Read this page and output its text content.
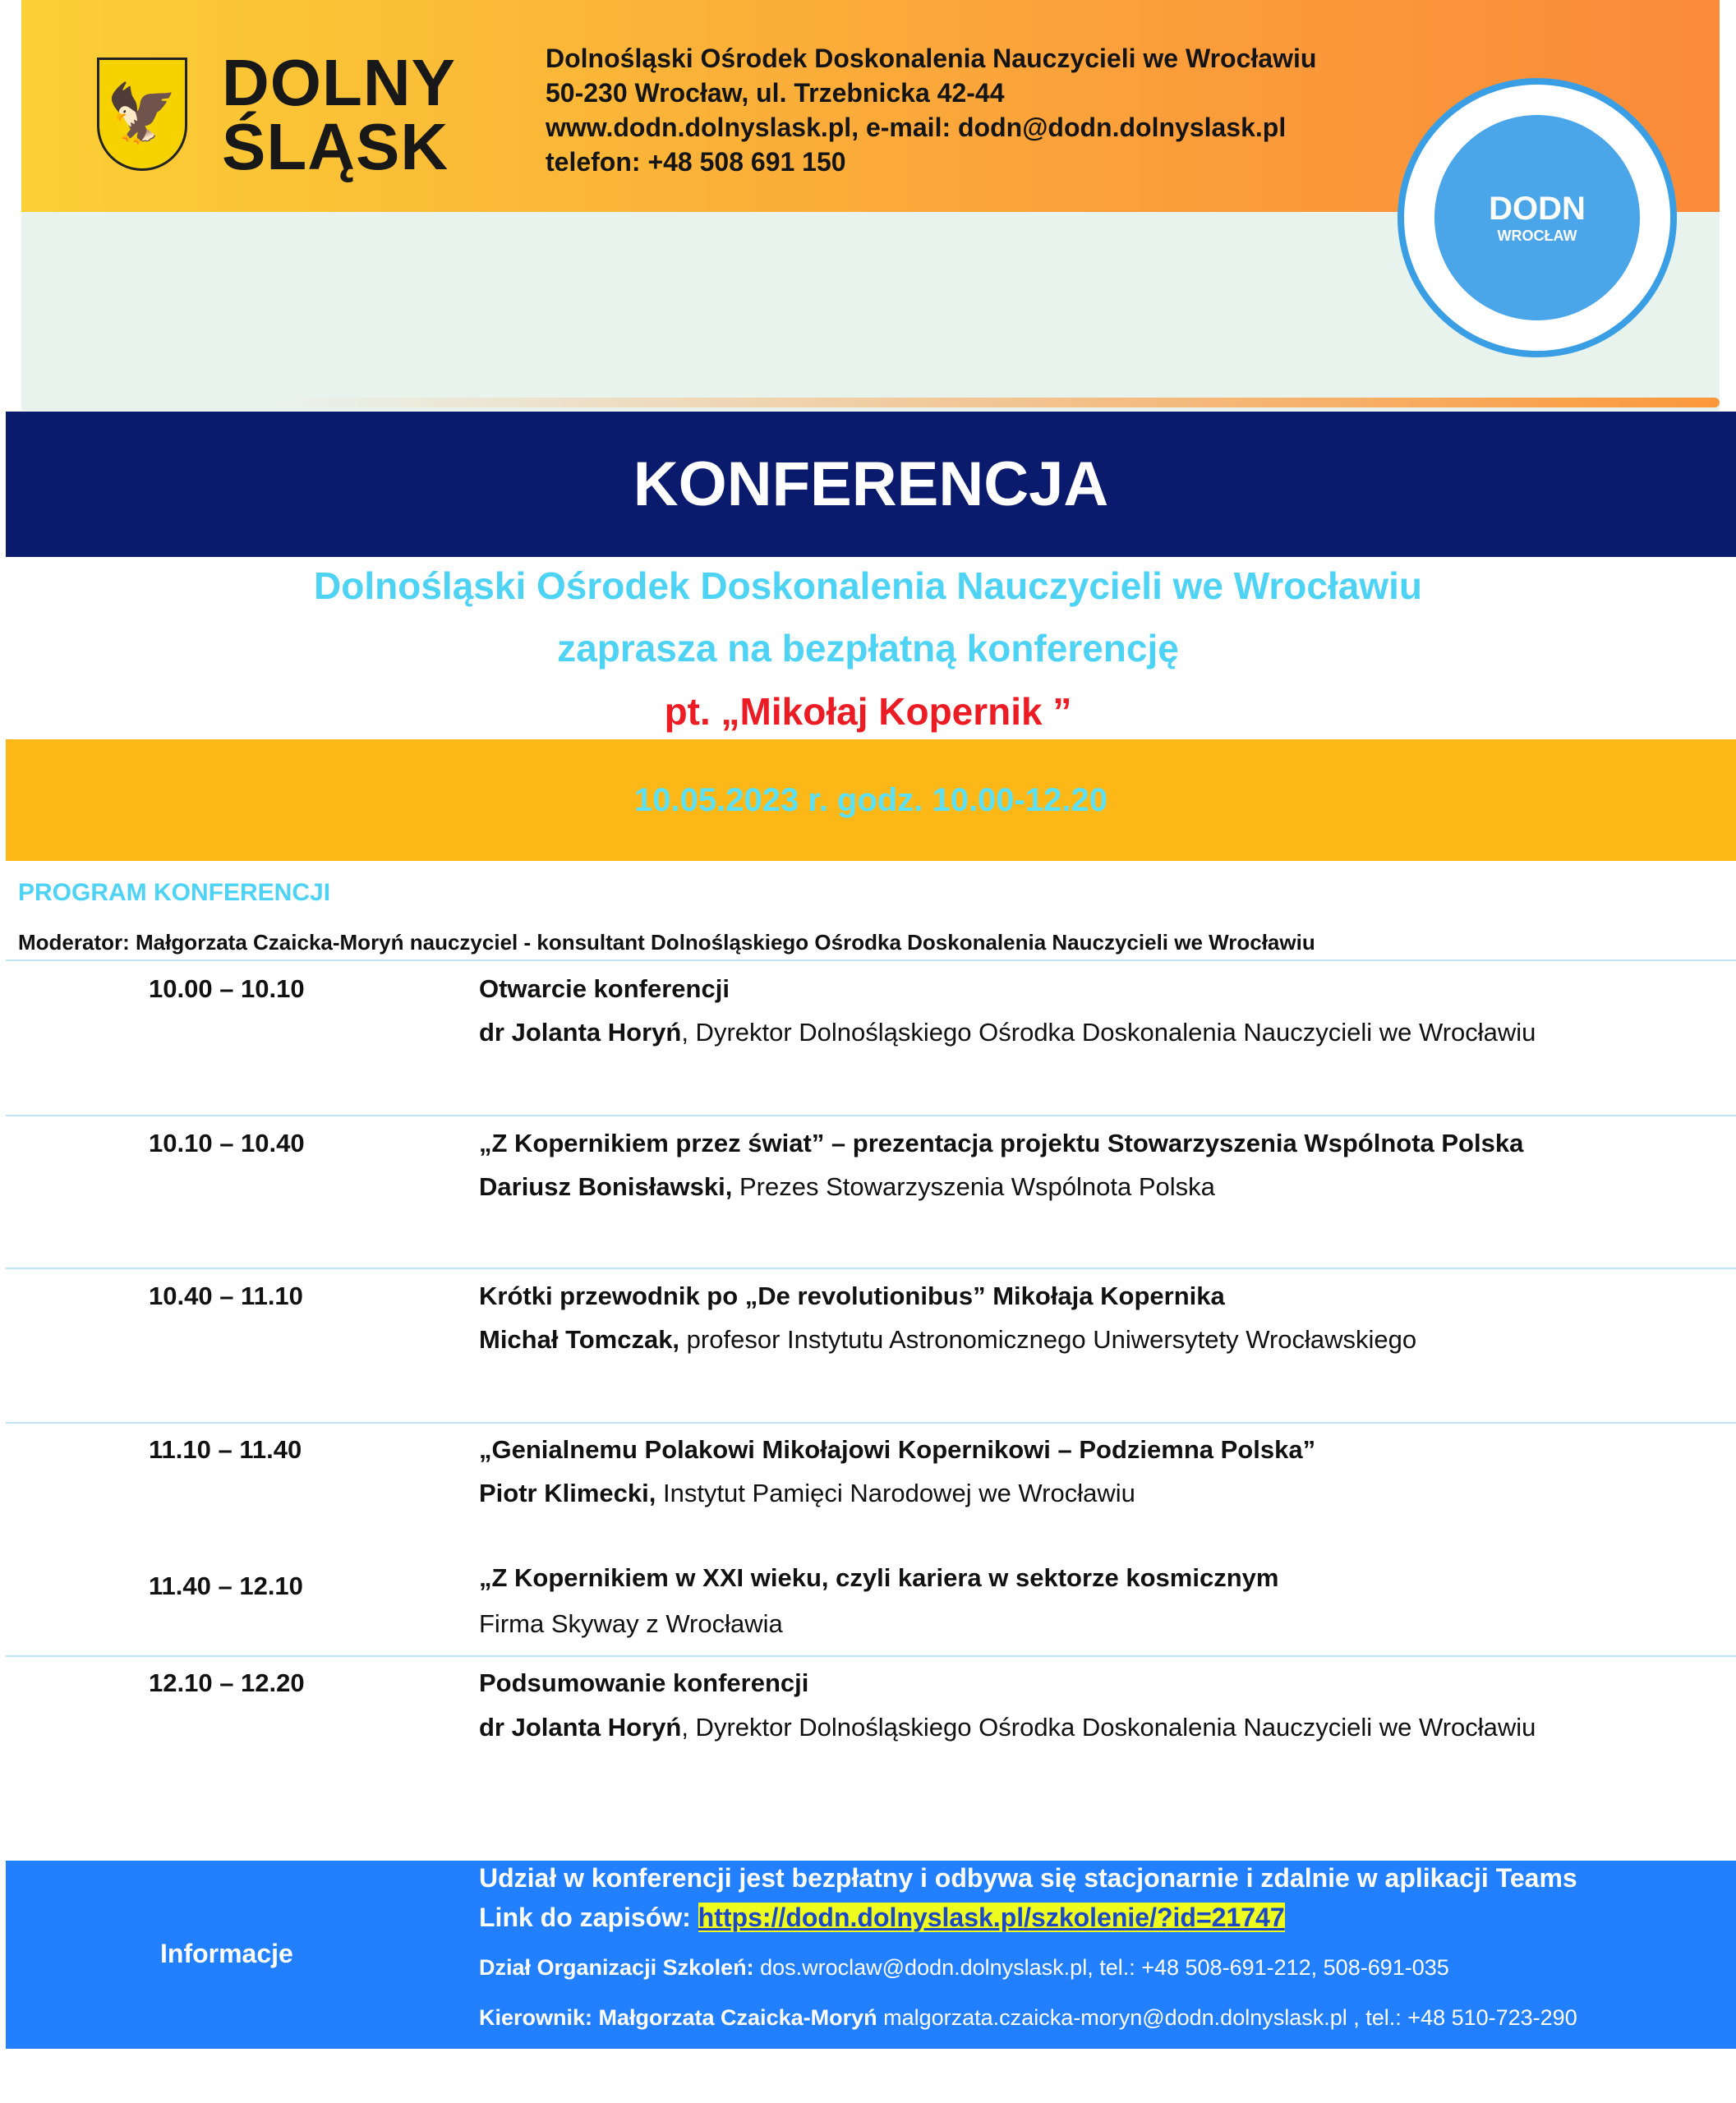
🦅 DOLNY
ŚLĄSK
Dolnośląski Ośrodek Doskonalenia Nauczycieli we Wrocławiu
50-230 Wrocław, ul. Trzebnicka 42-44
www.dodn.dolnyslask.pl, e-mail: dodn@dodn.dolnyslask.pl
telefon: +48 508 691 150
DODN
WROCŁAW
KONFERENCJA
Dolnośląski Ośrodek Doskonalenia Nauczycieli we Wrocławiu
zaprasza na bezpłatną konferencję
pt. „Mikołaj Kopernik ”
10.05.2023 r. godz. 10.00-12.20
PROGRAM KONFERENCJI
Moderator: Małgorzata Czaicka-Moryń nauczyciel - konsultant Dolnośląskiego Ośrodka Doskonalenia Nauczycieli we Wrocławiu
10.00 – 10.10	Otwarcie konferencji
dr Jolanta Horyń, Dyrektor Dolnośląskiego Ośrodka Doskonalenia Nauczycieli we Wrocławiu
10.10 – 10.40	„Z Kopernikiem przez świat” – prezentacja projektu Stowarzyszenia Wspólnota Polska
Dariusz Bonisławski, Prezes Stowarzyszenia Wspólnota Polska
10.40 – 11.10	Krótki przewodnik po „De revolutionibus” Mikołaja Kopernika
Michał Tomczak, profesor Instytutu Astronomicznego Uniwersytety Wrocławskiego
11.10 – 11.40	„Genialnemu Polakowi Mikołajowi Kopernikowi – Podziemna Polska”
Piotr Klimecki, Instytut Pamięci Narodowej we Wrocławiu
11.40 – 12.10	„Z Kopernikiem w XXI wieku, czyli kariera w sektorze kosmicznym
Firma Skyway z Wrocławia
12.10 – 12.20	Podsumowanie konferencji
dr Jolanta Horyń, Dyrektor Dolnośląskiego Ośrodka Doskonalenia Nauczycieli we Wrocławiu
Informacje
Udział w konferencji jest bezpłatny i odbywa się stacjonarnie i zdalnie w aplikacji Teams
Link do zapisów: https://dodn.dolnyslask.pl/szkolenie/?id=21747
Dział Organizacji Szkoleń: dos.wroclaw@dodn.dolnyslask.pl, tel.: +48 508-691-212, 508-691-035
Kierownik: Małgorzata Czaicka-Moryń malgorzata.czaicka-moryn@dodn.dolnyslask.pl , tel.: +48 510-723-290
